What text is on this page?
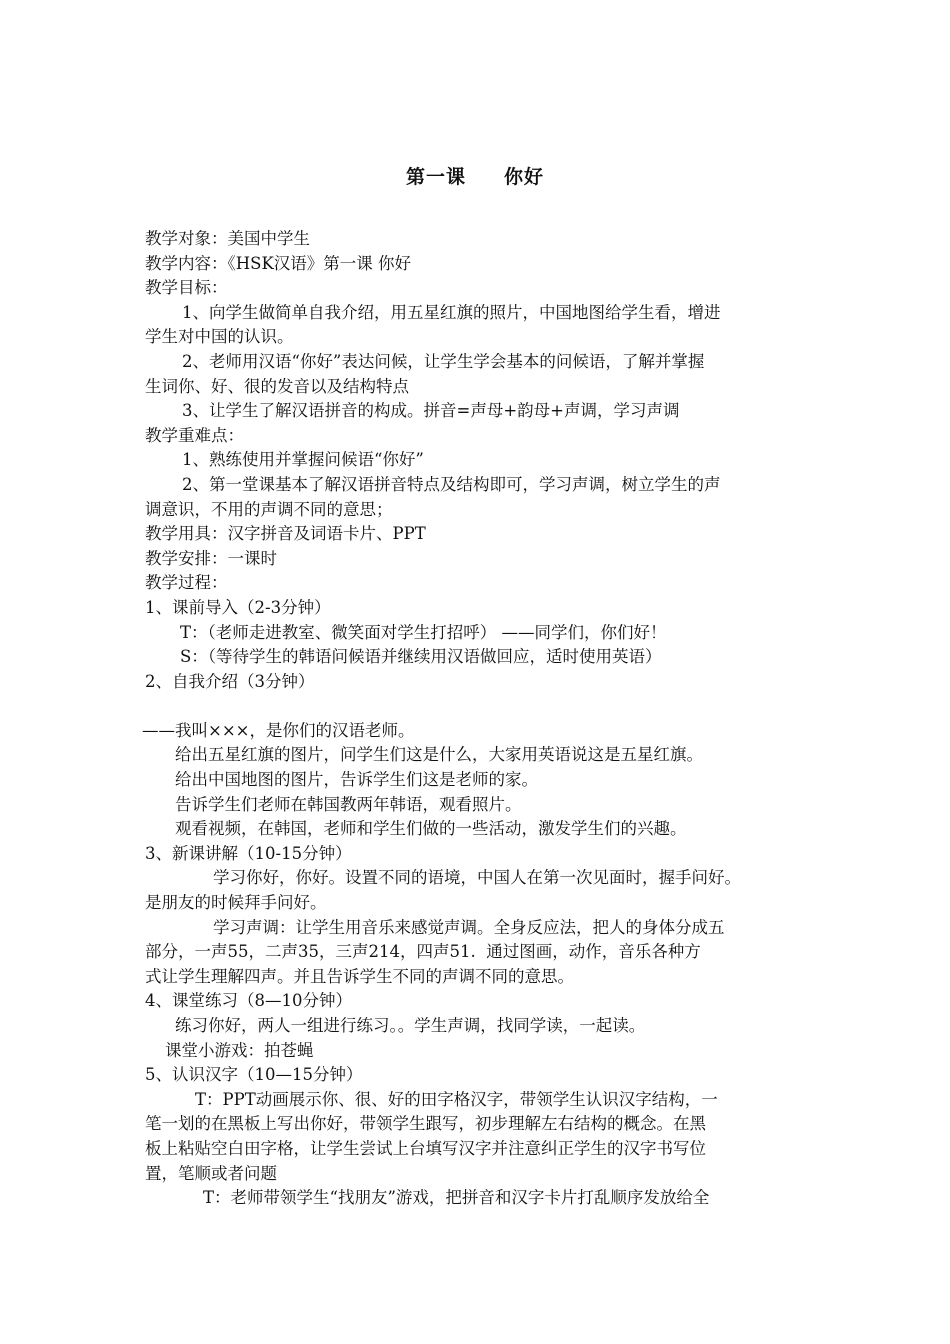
第一课     你好
教学对象：美国中学生
教学内容：《HSK汉语》第一课 你好
教学目标：
1、向学生做简单自我介绍，用五星红旗的照片，中国地图给学生看，增进
学生对中国的认识。
2、老师用汉语“你好”表达问候，让学生学会基本的问候语，了解并掌握
生词你、好、很的发音以及结构特点
3、让学生了解汉语拼音的构成。拼音=声母+韵母+声调，学习声调
教学重难点：
1、熟练使用并掌握问候语“你好”
2、第一堂课基本了解汉语拼音特点及结构即可，学习声调，树立学生的声
调意识，不用的声调不同的意思；
教学用具：汉字拼音及词语卡片、PPT
教学安排：一课时
教学过程：
1、课前导入（2-3分钟）
T：（老师走进教室、微笑面对学生打招呼） ——同学们，你们好！
S：（等待学生的韩语问候语并继续用汉语做回应，适时使用英语）
2、自我介绍（3分钟）
——我叫×××，是你们的汉语老师。
给出五星红旗的图片，问学生们这是什么，大家用英语说这是五星红旗。
给出中国地图的图片，告诉学生们这是老师的家。
告诉学生们老师在韩国教两年韩语，观看照片。
观看视频，在韩国，老师和学生们做的一些活动，激发学生们的兴趣。
3、新课讲解（10-15分钟）
学习你好，你好。设置不同的语境，中国人在第一次见面时，握手问好。
是朋友的时候拜手问好。
学习声调：让学生用音乐来感觉声调。全身反应法，把人的身体分成五
部分，一声55，二声35，三声214，四声51.  通过图画，动作，音乐各种方
式让学生理解四声。并且告诉学生不同的声调不同的意思。
4、课堂练习（8—10分钟）
练习你好，两人一组进行练习。。学生声调，找同学读，一起读。
课堂小游戏：拍苍蝇
5、认识汉字（10—15分钟）
T：PPT动画展示你、很、好的田字格汉字，带领学生认识汉字结构，一
笔一划的在黑板上写出你好，带领学生跟写，初步理解左右结构的概念。在黑
板上粘贴空白田字格，让学生尝试上台填写汉字并注意纠正学生的汉字书写位
置，笔顺或者问题
T：老师带领学生“找朋友”游戏，把拼音和汉字卡片打乱顺序发放给全
